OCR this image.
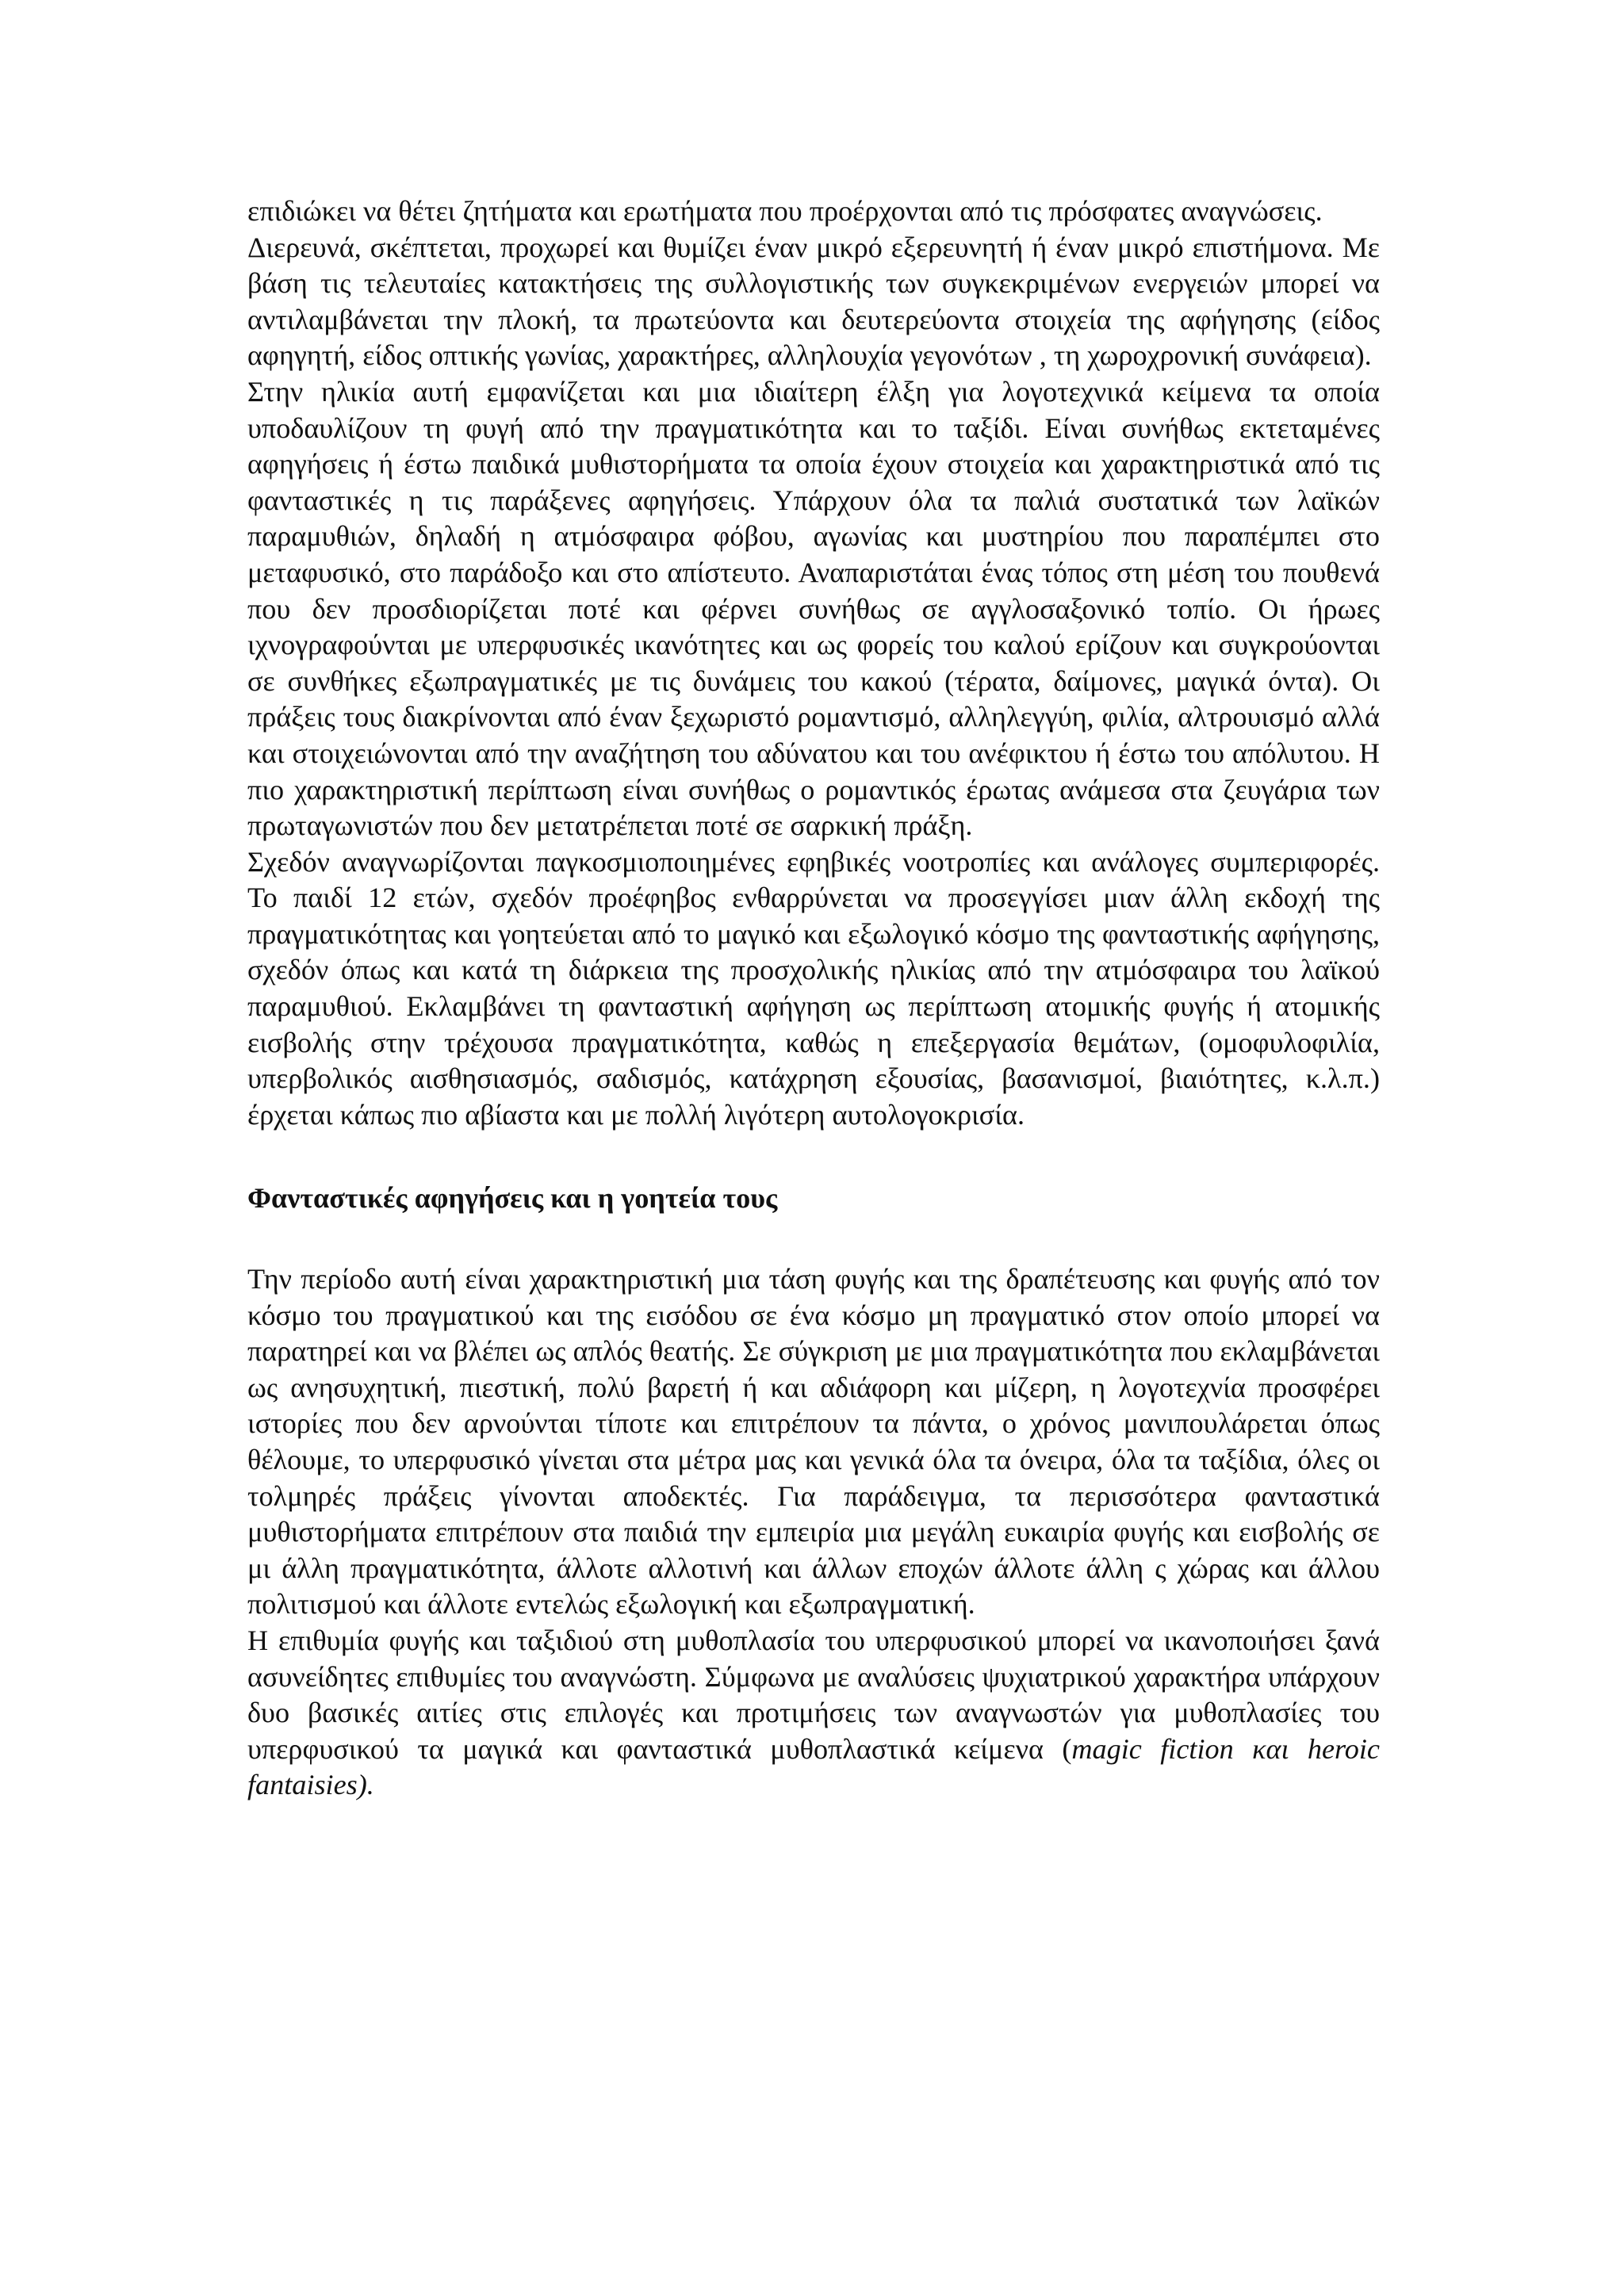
επιδιώκει να θέτει ζητήματα και ερωτήματα που προέρχονται από τις πρόσφατες αναγνώσεις.

Διερευνά, σκέπτεται, προχωρεί και θυμίζει έναν μικρό εξερευνητή ή έναν μικρό επιστήμονα. Με βάση τις τελευταίες κατακτήσεις της συλλογιστικής των συγκεκριμένων ενεργειών μπορεί να αντιλαμβάνεται την πλοκή, τα πρωτεύοντα και δευτερεύοντα στοιχεία της αφήγησης (είδος αφηγητή, είδος οπτικής γωνίας, χαρακτήρες, αλληλουχία γεγονότων , τη χωροχρονική συνάφεια).

Στην ηλικία αυτή εμφανίζεται και μια ιδιαίτερη έλξη για λογοτεχνικά κείμενα τα οποία υποδαυλίζουν τη φυγή από την πραγματικότητα και το ταξίδι. Είναι συνήθως εκτεταμένες αφηγήσεις ή έστω παιδικά μυθιστορήματα τα οποία έχουν στοιχεία και χαρακτηριστικά από τις φανταστικές η τις παράξενες αφηγήσεις. Υπάρχουν όλα τα παλιά συστατικά των λαϊκών παραμυθιών, δηλαδή η ατμόσφαιρα φόβου, αγωνίας και μυστηρίου που παραπέμπει στο μεταφυσικό, στο παράδοξο και στο απίστευτο. Αναπαριστάται ένας τόπος στη μέση του πουθενά που δεν προσδιορίζεται ποτέ και φέρνει συνήθως σε αγγλοσαξονικό τοπίο. Οι ήρωες ιχνογραφούνται με υπερφυσικές ικανότητες και ως φορείς του καλού ερίζουν και συγκρούονται σε συνθήκες εξωπραγματικές με τις δυνάμεις του κακού (τέρατα, δαίμονες, μαγικά όντα). Οι πράξεις τους διακρίνονται από έναν ξεχωριστό ρομαντισμό, αλληλεγγύη, φιλία, αλτρουισμό αλλά και στοιχειώνονται από την αναζήτηση του αδύνατου και του ανέφικτου ή έστω του απόλυτου. Η πιο χαρακτηριστική περίπτωση είναι συνήθως ο ρομαντικός έρωτας ανάμεσα στα ζευγάρια των πρωταγωνιστών που δεν μετατρέπεται ποτέ σε σαρκική πράξη.

Σχεδόν αναγνωρίζονται παγκοσμιοποιημένες εφηβικές νοοτροπίες και ανάλογες συμπεριφορές. Το παιδί 12 ετών, σχεδόν προέφηβος ενθαρρύνεται να προσεγγίσει μιαν άλλη εκδοχή της πραγματικότητας και γοητεύεται από το μαγικό και εξωλογικό κόσμο της φανταστικής αφήγησης, σχεδόν όπως και κατά τη διάρκεια της προσχολικής ηλικίας από την ατμόσφαιρα του λαϊκού παραμυθιού. Εκλαμβάνει τη φανταστική αφήγηση ως περίπτωση ατομικής φυγής ή ατομικής εισβολής στην τρέχουσα πραγματικότητα, καθώς η επεξεργασία θεμάτων, (ομοφυλοφιλία, υπερβολικός αισθησιασμός, σαδισμός, κατάχρηση εξουσίας, βασανισμοί, βιαιότητες, κ.λ.π.) έρχεται κάπως πιο αβίαστα και με πολλή λιγότερη αυτολογοκρισία.

Φανταστικές αφηγήσεις και η γοητεία τους

Την περίοδο αυτή είναι χαρακτηριστική μια τάση φυγής και της δραπέτευσης και φυγής από τον κόσμο του πραγματικού και της εισόδου σε ένα κόσμο μη πραγματικό στον οποίο μπορεί να παρατηρεί και να βλέπει ως απλός θεατής. Σε σύγκριση με μια πραγματικότητα που εκλαμβάνεται ως ανησυχητική, πιεστική, πολύ βαρετή ή και αδιάφορη και μίζερη, η λογοτεχνία προσφέρει ιστορίες που δεν αρνούνται τίποτε και επιτρέπουν τα πάντα, ο χρόνος μανιπουλάρεται όπως θέλουμε, το υπερφυσικό γίνεται στα μέτρα μας και γενικά όλα τα όνειρα, όλα τα ταξίδια, όλες οι τολμηρές πράξεις γίνονται αποδεκτές. Για παράδειγμα, τα περισσότερα φανταστικά μυθιστορήματα επιτρέπουν στα παιδιά την εμπειρία μια μεγάλη ευκαιρία φυγής και εισβολής σε μι άλλη πραγματικότητα, άλλοτε αλλοτινή και άλλων εποχών άλλοτε άλλη ς χώρας και άλλου πολιτισμού και άλλοτε εντελώς εξωλογική και εξωπραγματική.

Η επιθυμία φυγής και ταξιδιού στη μυθοπλασία του υπερφυσικού μπορεί να ικανοποιήσει ξανά ασυνείδητες επιθυμίες του αναγνώστη. Σύμφωνα με αναλύσεις ψυχιατρικού χαρακτήρα υπάρχουν δυο βασικές αιτίες στις επιλογές και προτιμήσεις των αναγνωστών για μυθοπλασίες του υπερφυσικού τα μαγικά και φανταστικά μυθοπλαστικά κείμενα (magic fiction και heroic fantaisies).
